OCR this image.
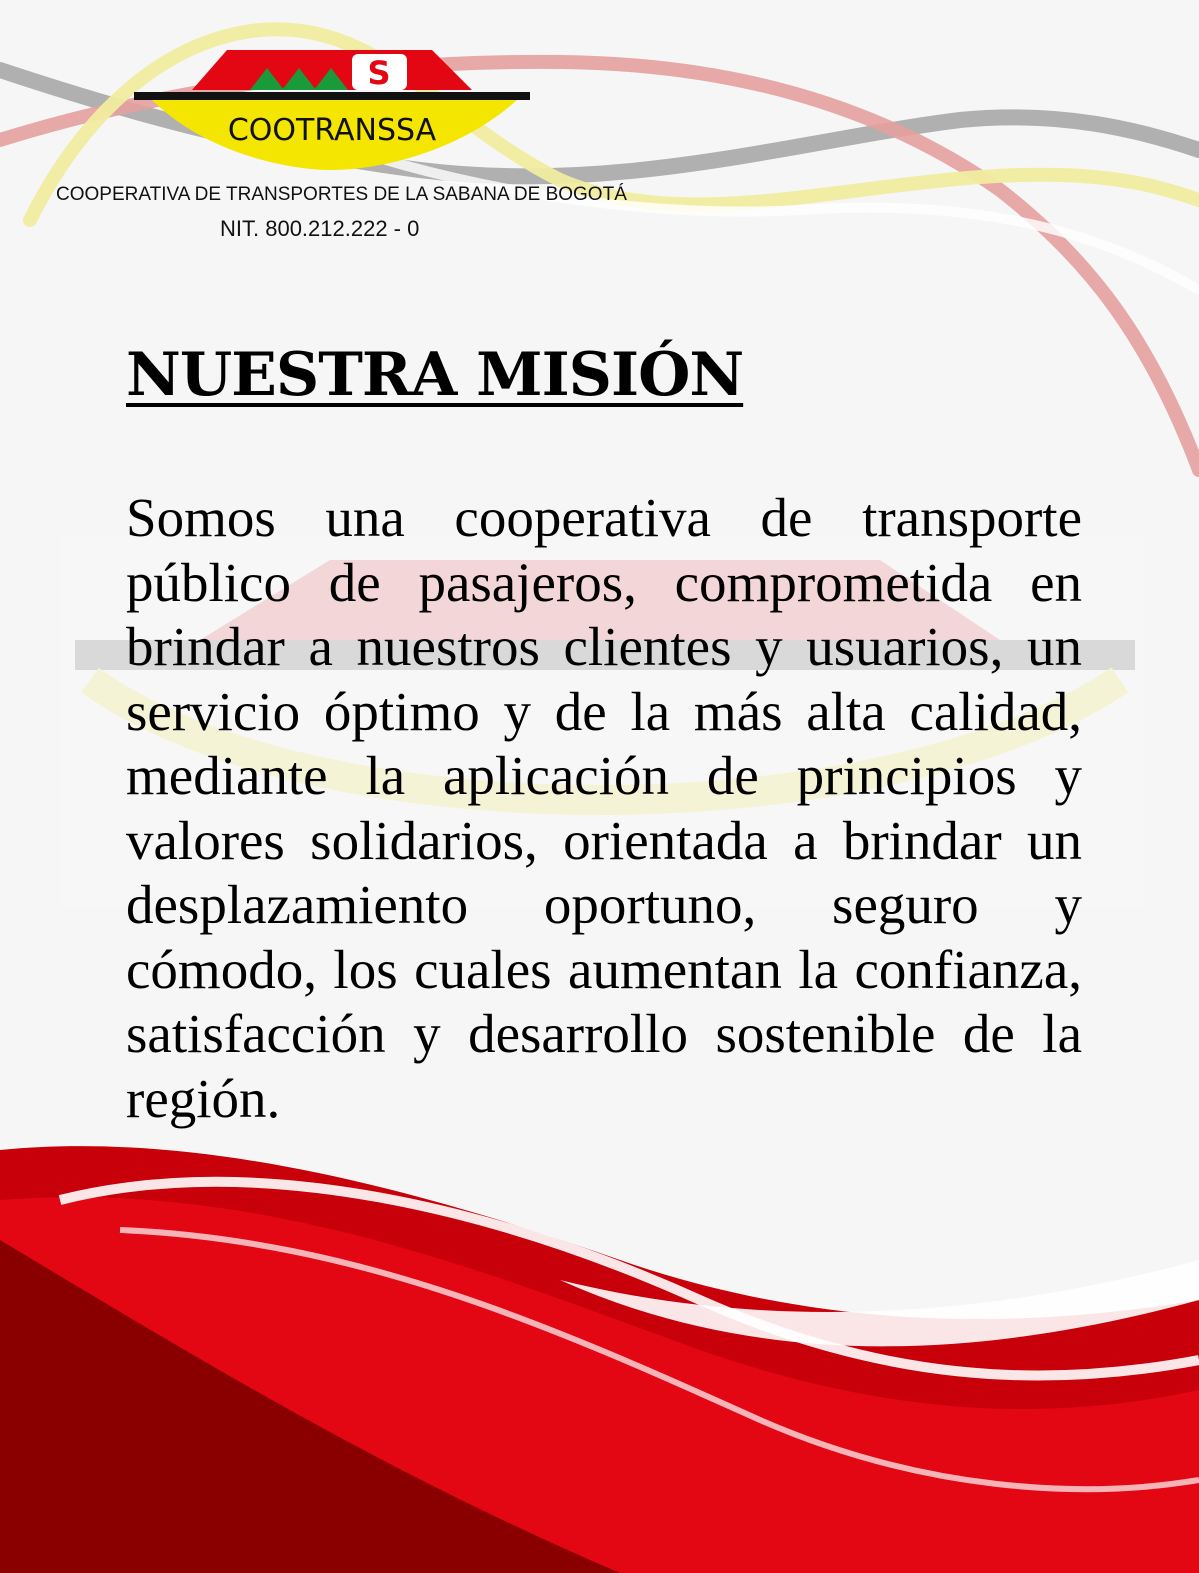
S
COOTRANSSA
COOPERATIVA DE TRANSPORTES DE LA SABANA DE BOGOTÁ
NIT. 800.212.222 - 0
NUESTRA MISIÓN

Somos una cooperativa de transporte público de pasajeros, comprometida en brindar a nuestros clientes y usuarios, un servicio óptimo y de la más alta calidad, mediante la aplicación de principios y valores solidarios, orientada a brindar un desplazamiento oportuno, seguro y cómodo, los cuales aumentan la confianza, satisfacción y desarrollo sostenible de la región.
